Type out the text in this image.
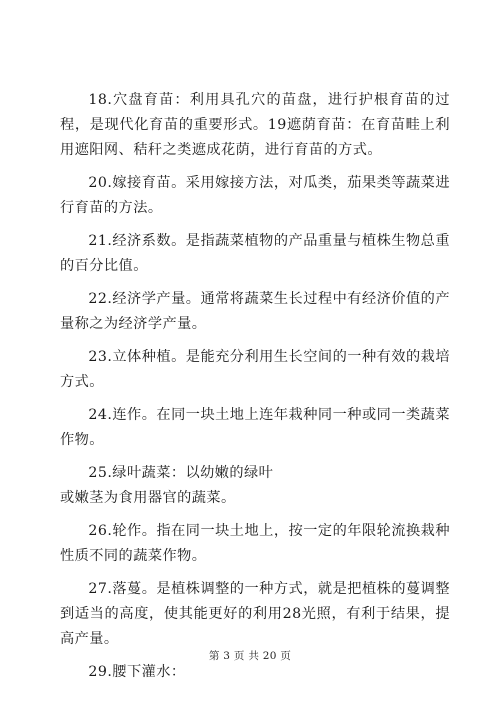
18.穴盘育苗：利用具孔穴的苗盘，进行护根育苗的过程，是现代化育苗的重要形式。19遮荫育苗：在育苗畦上利用遮阳网、秸秆之类遮成花荫，进行育苗的方式。

20.嫁接育苗。采用嫁接方法，对瓜类，茄果类等蔬菜进行育苗的方法。

21.经济系数。是指蔬菜植物的产品重量与植株生物总重的百分比值。

22.经济学产量。通常将蔬菜生长过程中有经济价值的产量称之为经济学产量。

23.立体种植。是能充分利用生长空间的一种有效的栽培方式。

24.连作。在同一块土地上连年栽种同一种或同一类蔬菜作物。

25.绿叶蔬菜：以幼嫩的绿叶

或嫩茎为食用器官的蔬菜。

26.轮作。指在同一块土地上，按一定的年限轮流换栽种性质不同的蔬菜作物。

27.落蔓。是植株调整的一种方式，就是把植株的蔓调整到适当的高度，使其能更好的利用28光照，有利于结果，提高产量。

29.腰下灌水：

第 3 页 共 20 页
